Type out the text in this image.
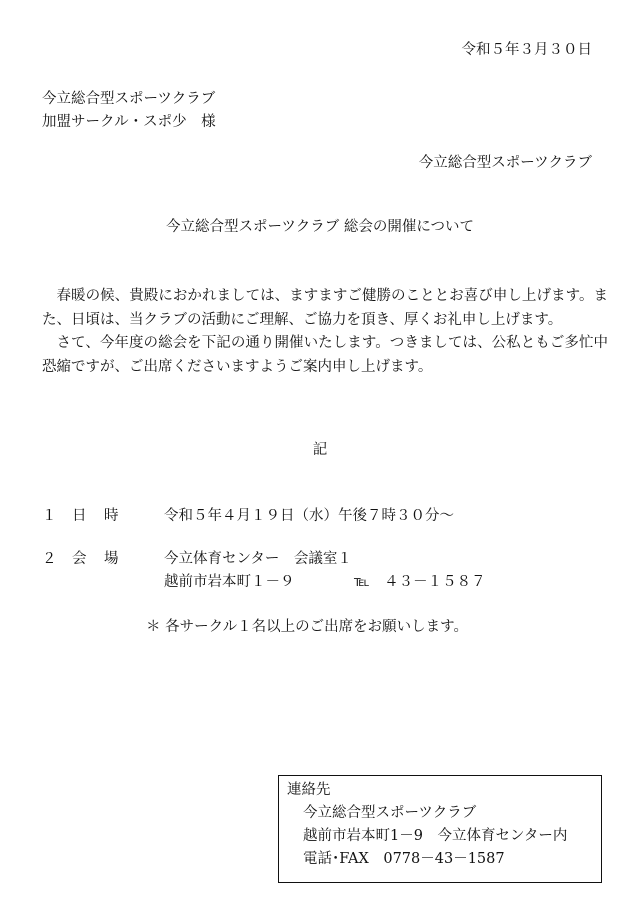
令和５年３月３０日
今立総合型スポーツクラブ
加盟サークル・スポ少　様
今立総合型スポーツクラブ
今立総合型スポーツクラブ 総会の開催について

春暖の候、貴殿におかれましては、ますますご健勝のこととお喜び申し上げます。また、日頃は、当クラブの活動にご理解、ご協力を頂き、厚くお礼申し上げます。

さて、今年度の総会を下記の通り開催いたします。つきましては、公私ともご多忙中恐縮ですが、ご出席くださいますようご案内申し上げます。

記
１ 日 時	令和５年４月１９日（水）午後７時３０分～
２ 会 場	今立体育センター　会議室１
越前市岩本町１－９	℡　４３－１５８７
＊ 各サークル１名以上のご出席をお願いします。
連絡先
今立総合型スポーツクラブ
越前市岩本町1－9　今立体育センター内
電話･FAX　0778－43－1587
